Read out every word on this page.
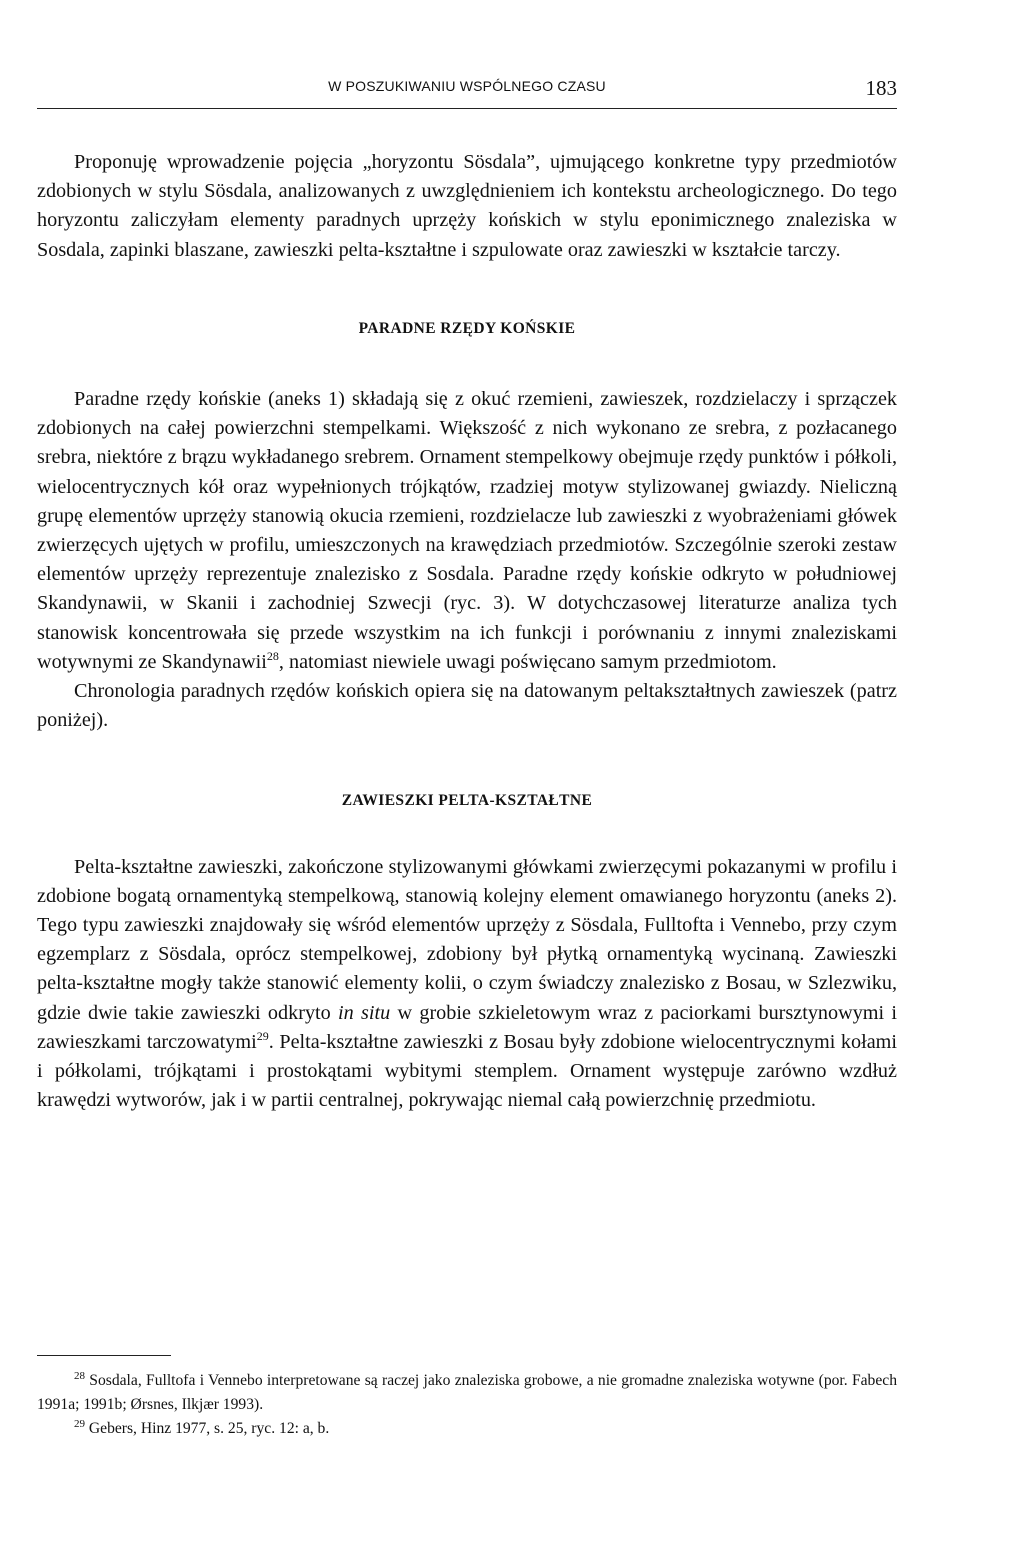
W POSZUKIWANIU WSPÓLNEGO CZASU	183

Proponuję wprowadzenie pojęcia „horyzontu Sösdala”, ujmującego konkretne typy przedmiotów zdobionych w stylu Sösdala, analizowanych z uwzględnieniem ich kontekstu archeologicznego. Do tego horyzontu zaliczyłam elementy paradnych uprzęży końskich w stylu eponimicznego znaleziska w Sosdala, zapinki blaszane, zawieszki pelta-kształtne i szpulowate oraz zawieszki w kształcie tarczy.

PARADNE RZĘDY KOŃSKIE

Paradne rzędy końskie (aneks 1) składają się z okuć rzemieni, zawieszek, rozdzielaczy i sprzączek zdobionych na całej powierzchni stempelkami. Większość z nich wykonano ze srebra, z pozłacanego srebra, niektóre z brązu wykładanego srebrem. Ornament stempelkowy obejmuje rzędy punktów i półkoli, wielocentrycznych kół oraz wypełnionych trójkątów, rzadziej motyw stylizowanej gwiazdy. Nieliczną grupę elementów uprzęży stanowią okucia rzemieni, rozdzielacze lub zawieszki z wyobrażeniami główek zwierzęcych ujętych w profilu, umieszczonych na krawędziach przedmiotów. Szczególnie szeroki zestaw elementów uprzęży reprezentuje znalezisko z Sosdala. Paradne rzędy końskie odkryto w południowej Skandynawii, w Skanii i zachodniej Szwecji (ryc. 3). W dotychczasowej literaturze analiza tych stanowisk koncentrowała się przede wszystkim na ich funkcji i porównaniu z innymi znaleziskami wotywnymi ze Skandynawii$^{28}$, natomiast niewiele uwagi poświęcano samym przedmiotom.

Chronologia paradnych rzędów końskich opiera się na datowanym peltakształtnych zawieszek (patrz poniżej).

ZAWIESZKI PELTA-KSZTAŁTNE

Pelta-kształtne zawieszki, zakończone stylizowanymi główkami zwierzęcymi pokazanymi w profilu i zdobione bogatą ornamentyką stempelkową, stanowią kolejny element omawianego horyzontu (aneks 2). Tego typu zawieszki znajdowały się wśród elementów uprzęży z Sösdala, Fulltofta i Vennebo, przy czym egzemplarz z Sösdala, oprócz stempelkowej, zdobiony był płytką ornamentyką wycinaną. Zawieszki pelta-kształtne mogły także stanowić elementy kolii, o czym świadczy znalezisko z Bosau, w Szlezwiku, gdzie dwie takie zawieszki odkryto in situ w grobie szkieletowym wraz z paciorkami bursztynowymi i zawieszkami tarczowatymi$^{29}$. Pelta-kształtne zawieszki z Bosau były zdobione wielocentrycznymi kołami i półkolami, trójkątami i prostokątami wybitymi stemplem. Ornament występuje zarówno wzdłuż krawędzi wytworów, jak i w partii centralnej, pokrywając niemal całą powierzchnię przedmiotu.

$^{28}$ Sosdala, Fulltofa i Vennebo interpretowane są raczej jako znaleziska grobowe, a nie gromadne znaleziska wotywne (por. Fabech 1991a; 1991b; Ørsnes, Ilkjær 1993).

$^{29}$ Gebers, Hinz 1977, s. 25, ryc. 12: a, b.
